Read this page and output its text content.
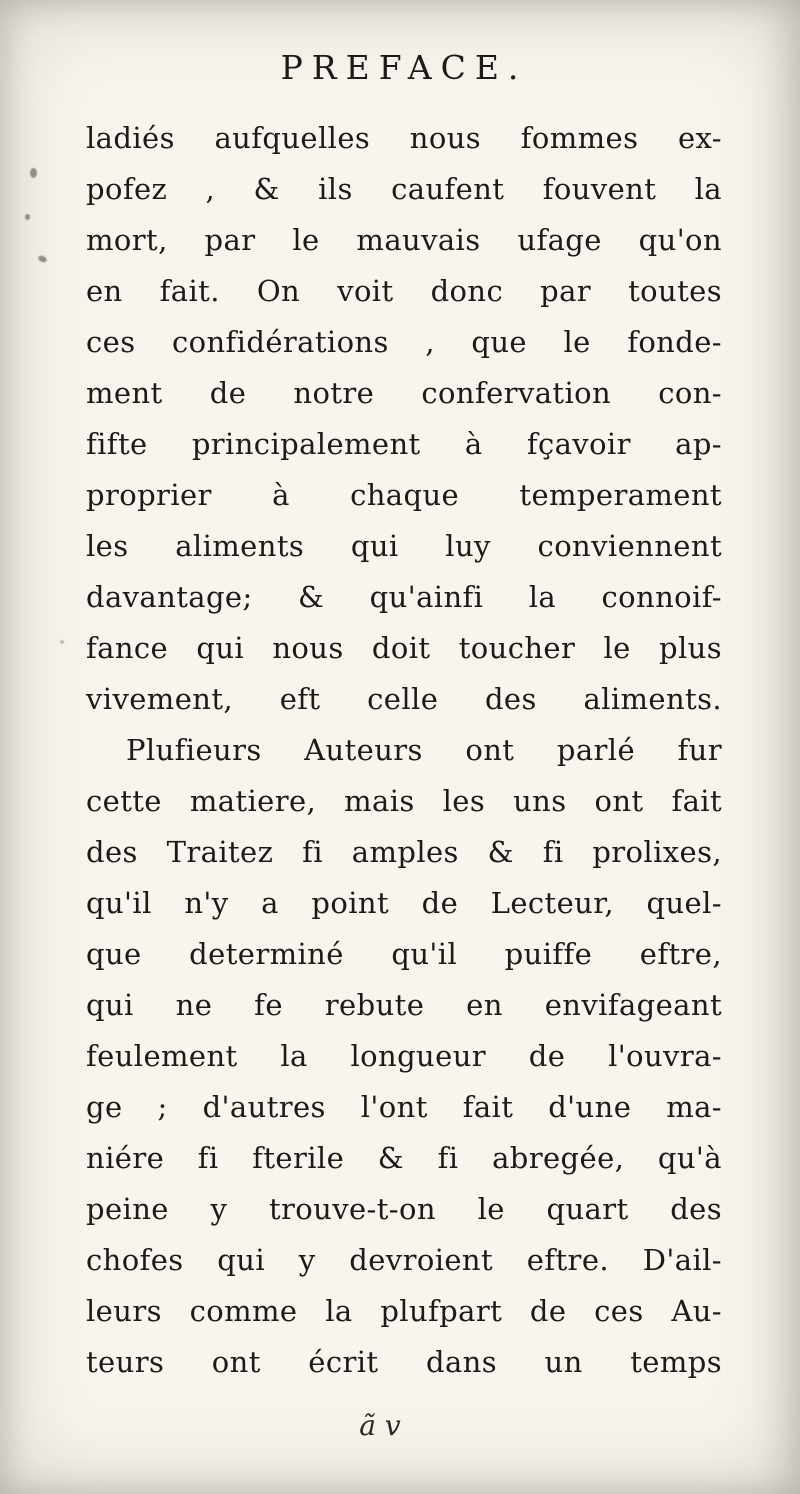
PREFACE.
ladiés aufquelles nous fommes ex-
pofez , & ils caufent fouvent la
mort, par le mauvais ufage qu'on
en fait. On voit donc par toutes
ces confidérations , que le fonde-
ment de notre confervation con-
fifte principalement à fçavoir ap-
proprier à chaque temperament
les aliments qui luy conviennent
davantage; & qu'ainfi la connoif-
fance qui nous doit toucher le plus
vivement, eft celle des aliments.
Plufieurs Auteurs ont parlé fur
cette matiere, mais les uns ont fait
des Traitez fi amples & fi prolixes,
qu'il n'y a point de Lecteur, quel-
que determiné qu'il puiffe eftre,
qui ne fe rebute en envifageant
feulement la longueur de l'ouvra-
ge ; d'autres l'ont fait d'une ma-
niére fi fterile & fi abregée, qu'à
peine y trouve-t-on le quart des
chofes qui y devroient eftre. D'ail-
leurs comme la plufpart de ces Au-
teurs ont écrit dans un temps
ã v
